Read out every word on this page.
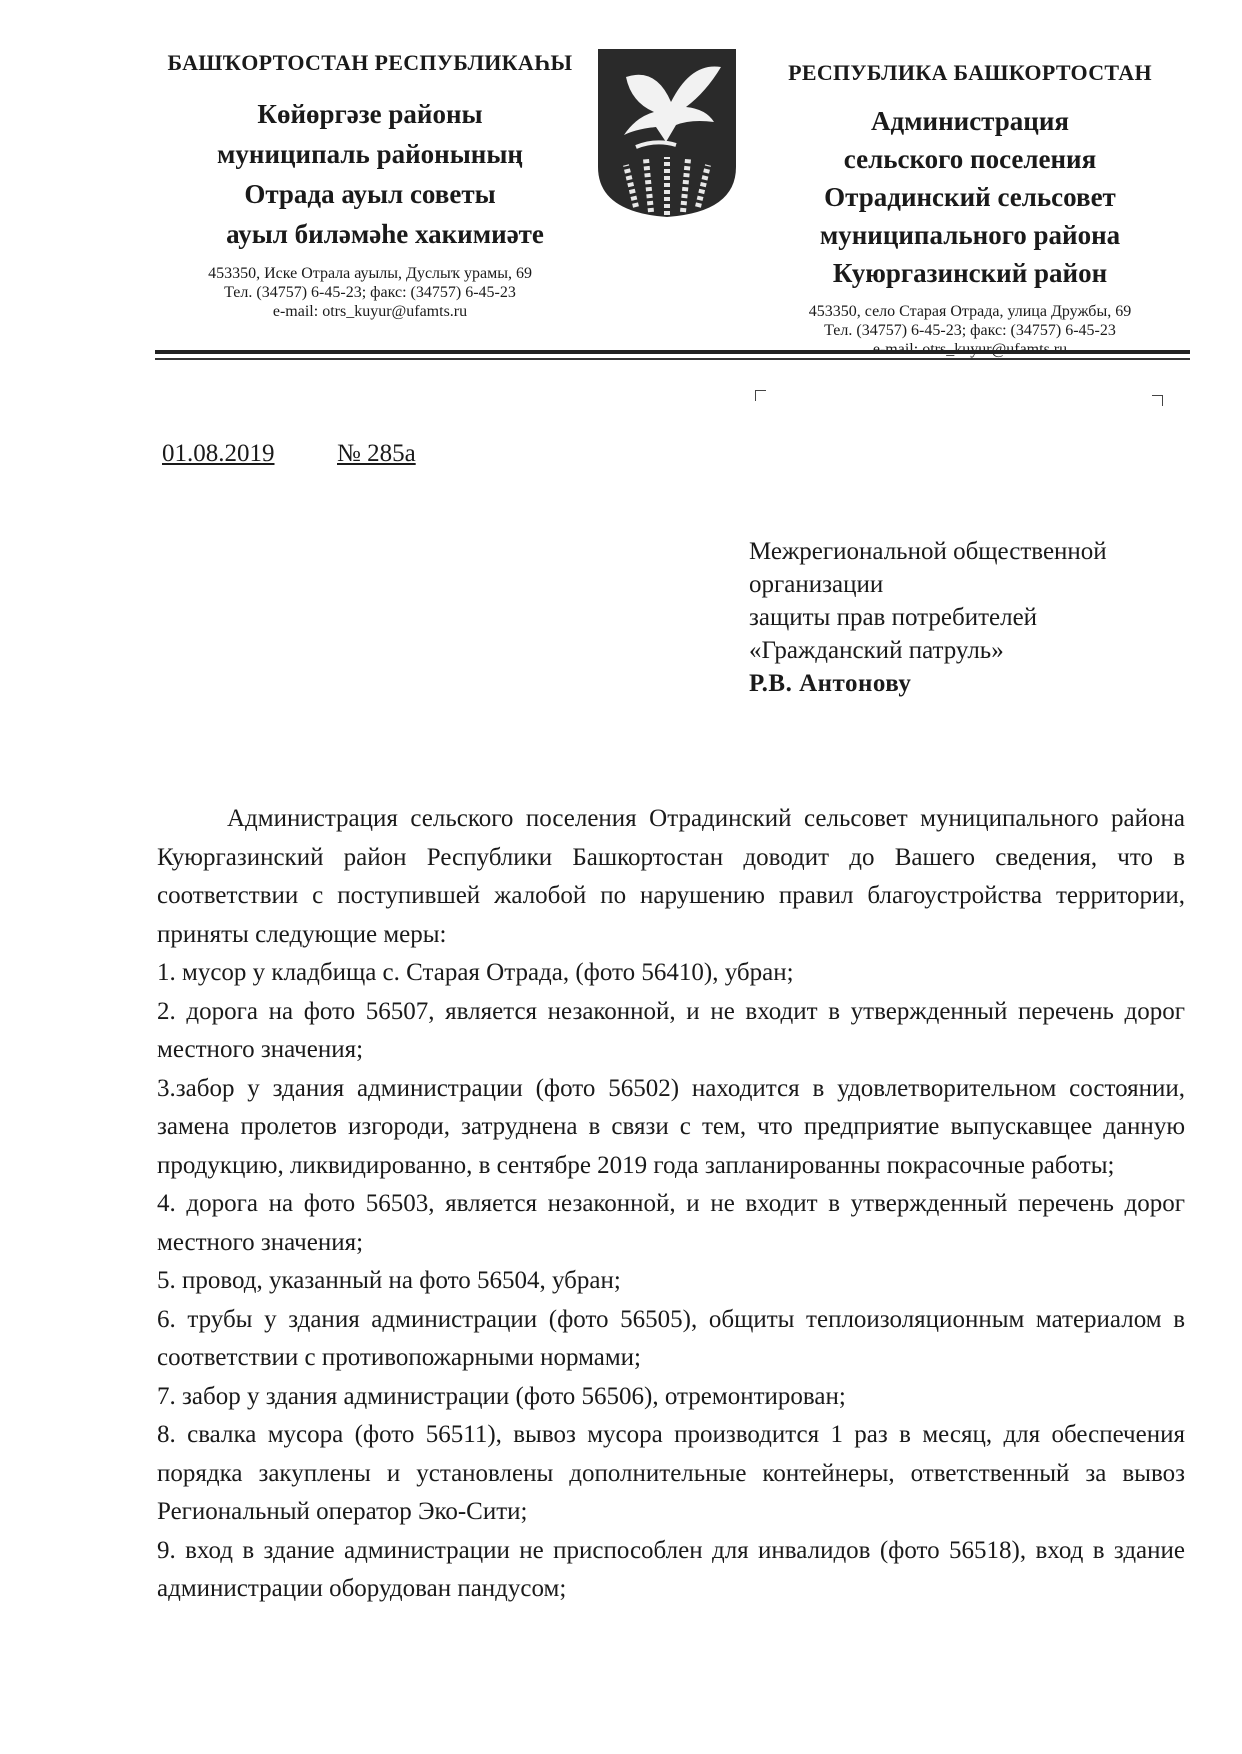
БАШҠОРТОСТАН РЕСПУБЛИКАҺЫ
Көйөргәзе районы
муниципаль районының
Отрада ауыл советы
ауыл биләмәһе хакимиәте
453350, Иске Отрала ауылы, Дуслыҡ урамы, 69
Тел. (34757) 6-45-23; факс: (34757) 6-45-23
e-mail: otrs_kuyur@ufamts.ru
РЕСПУБЛИКА БАШКОРТОСТАН
Администрация
сельского поселения
Отрадинский сельсовет
муниципального района
Куюргазинский район
453350, село Старая Отрада, улица Дружбы, 69
Тел. (34757) 6-45-23; факс: (34757) 6-45-23
01.08.2019	№ 285а
Межрегиональной общественной
организации
защиты прав потребителей
«Гражданский патруль»
Р.В. Антонову

Администрация сельского поселения Отрадинский сельсовет муниципального района Куюргазинский район Республики Башкортостан доводит до Вашего сведения, что в соответствии с поступившей жалобой по нарушению правил благоустройства территории, приняты следующие меры:

1. мусор у кладбища с. Старая Отрада, (фото 56410), убран;

2. дорога на фото 56507, является незаконной, и не входит в утвержденный перечень дорог местного значения;

3.забор у здания администрации (фото 56502) находится в удовлетворительном состоянии, замена пролетов изгороди, затруднена в связи с тем, что предприятие выпускавщее данную продукцию, ликвидированно, в сентябре 2019 года запланированны покрасочные работы;

4. дорога на фото 56503, является незаконной, и не входит в утвержденный перечень дорог местного значения;

5. провод, указанный на фото 56504, убран;

6. трубы у здания администрации (фото 56505), общиты теплоизоляционным материалом в соответствии с противопожарными нормами;

7. забор у здания администрации (фото 56506), отремонтирован;

8. свалка мусора (фото 56511), вывоз мусора производится 1 раз в месяц, для обеспечения порядка закуплены и установлены дополнительные контейнеры, ответственный за вывоз Региональный оператор Эко-Сити;

9. вход в здание администрации не приспособлен для инвалидов (фото 56518), вход в здание администрации оборудован пандусом;
